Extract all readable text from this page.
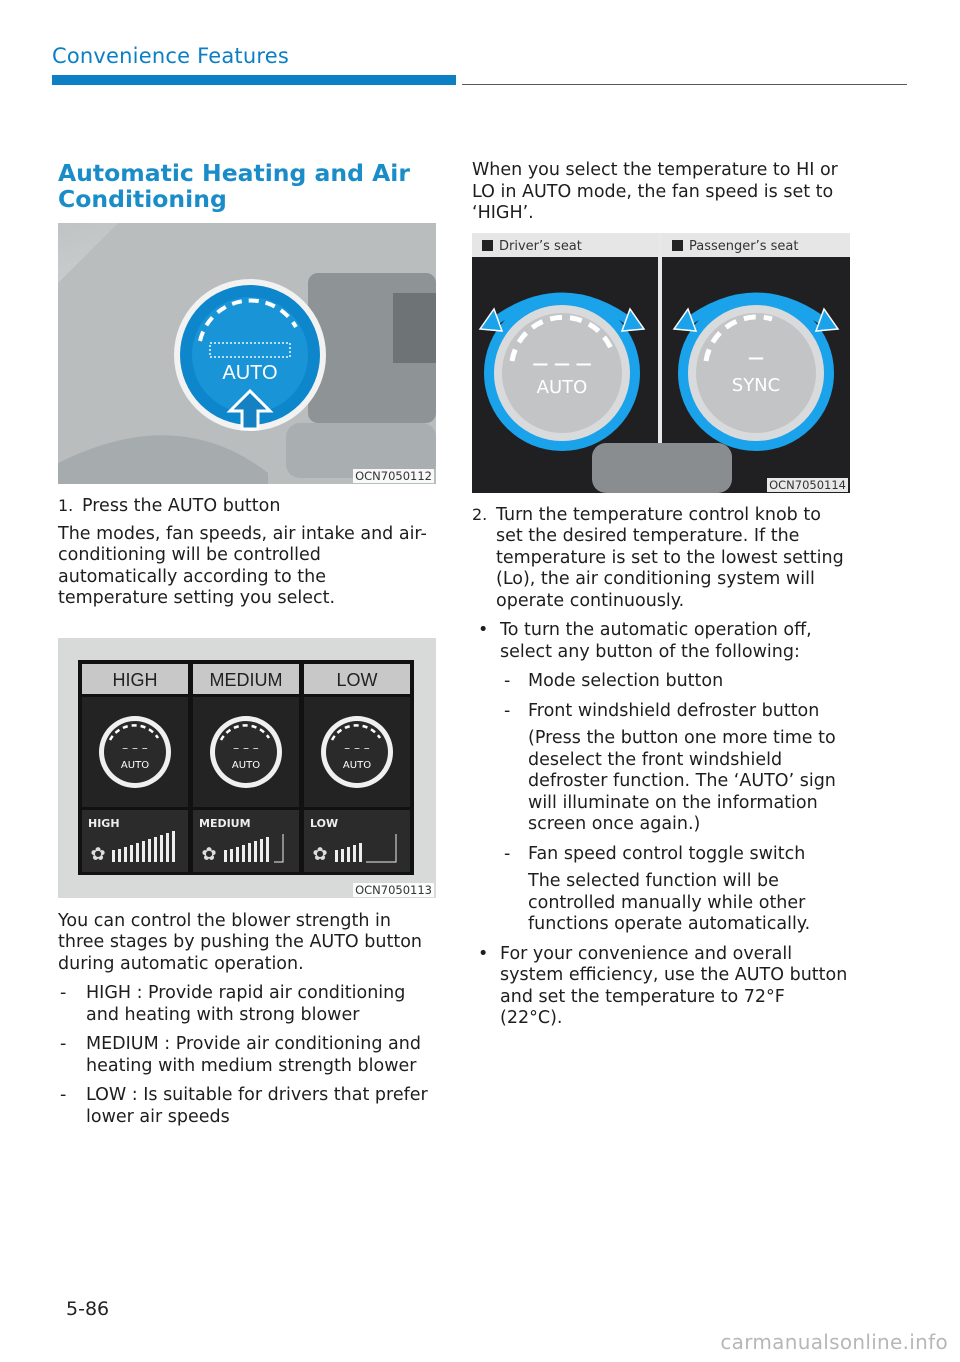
Convenience Features
Automatic Heating and Air Conditioning
AUTO
OCN7050112
1. Press the AUTO button

The modes, fan speeds, air intake and air-conditioning will be controlled automatically according to the temperature setting you select.

HIGH
– – –
AUTO
HIGH
✿
MEDIUM
– – –
AUTO
MEDIUM
✿
LOW
– – –
AUTO
LOW
✿
OCN7050113

You can control the blower strength in three stages by pushing the AUTO button during automatic operation.

- HIGH : Provide rapid air conditioning and heating with strong blower
- MEDIUM : Provide air conditioning and heating with medium strength blower
- LOW : Is suitable for drivers that prefer lower air speeds

When you select the temperature to HI or LO in AUTO mode, the fan speed is set to ‘HIGH’.

Driver’s seat	Passenger’s seat
— — —
AUTO
—
SYNC
OCN7050114
2. Turn the temperature control knob to set the desired temperature. If the temperature is set to the lowest setting (Lo), the air conditioning system will operate continuously.

• To turn the automatic operation off, select any button of the following:
- Mode selection button
- Front windshield defroster button
(Press the button one more time to deselect the front windshield defroster function. The ‘AUTO’ sign will illuminate on the information screen once again.)
- Fan speed control toggle switch
The selected function will be controlled manually while other functions operate automatically.
• For your convenience and overall system efficiency, use the AUTO button and set the temperature to 72°F (22°C).
5-86
carmanualsonline.info
